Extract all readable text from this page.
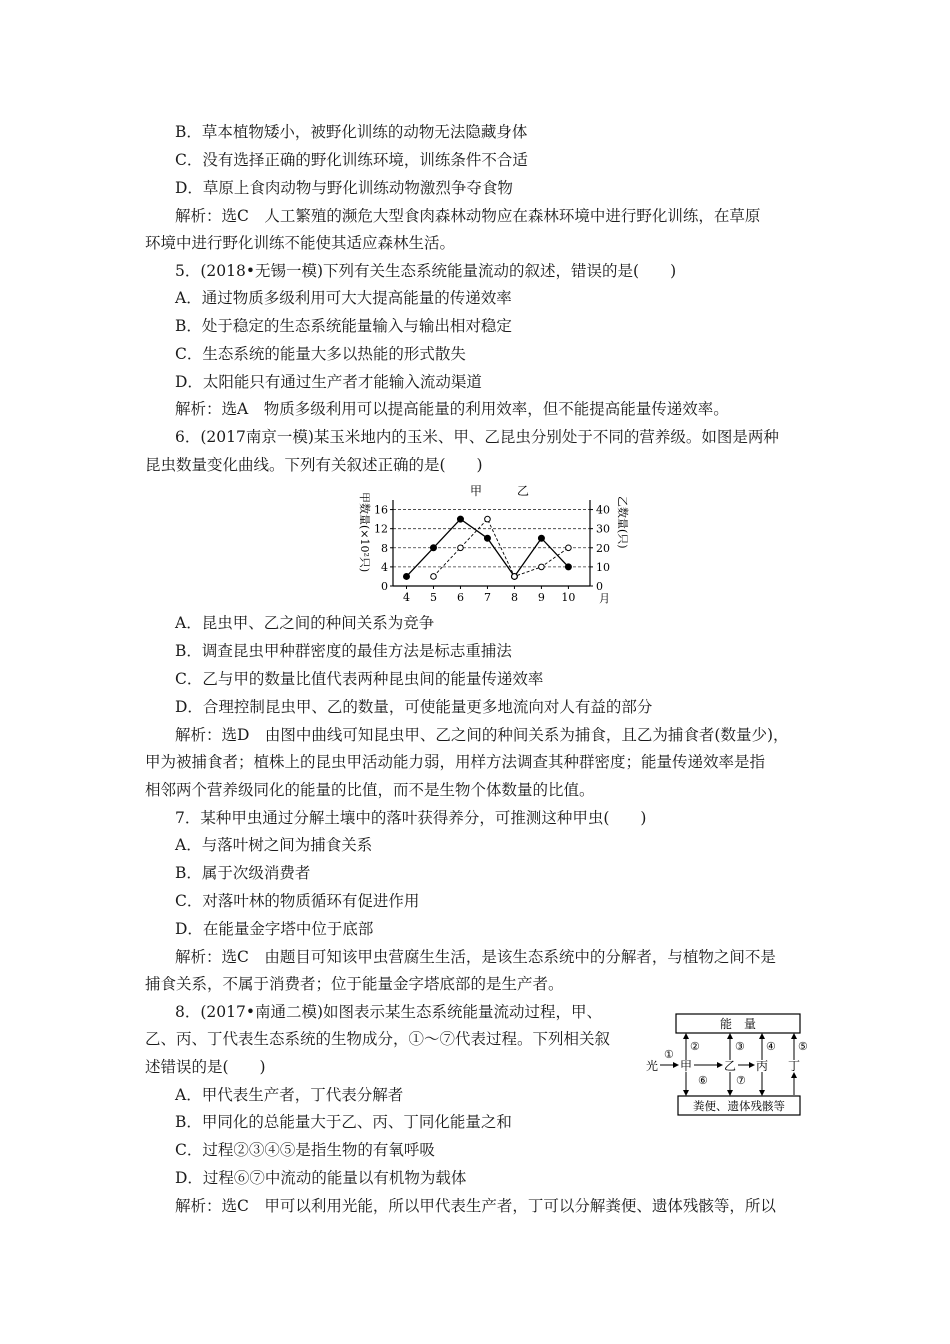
B．草本植物矮小，被野化训练的动物无法隐藏身体
C．没有选择正确的野化训练环境，训练条件不合适
D．草原上食肉动物与野化训练动物激烈争夺食物
解析：选C　人工繁殖的濒危大型食肉森林动物应在森林环境中进行野化训练，在草原
环境中进行野化训练不能使其适应森林生活。
5．(2018•无锡一模)下列有关生态系统能量流动的叙述，错误的是(　　)
A．通过物质多级利用可大大提高能量的传递效率
B．处于稳定的生态系统能量输入与输出相对稳定
C．生态系统的能量大多以热能的形式散失
D．太阳能只有通过生产者才能输入流动渠道
解析：选A　物质多级利用可以提高能量的利用效率，但不能提高能量传递效率。
6．(2017南京一模)某玉米地内的玉米、甲、乙昆虫分别处于不同的营养级。如图是两种
昆虫数量变化曲线。下列有关叙述正确的是(　　)
0
4
8
12
16
0
10
20
30
40
4 5 6 7 8 9 10
甲	乙
月
甲数量(×10²只)	乙数量(只)
A．昆虫甲、乙之间的种间关系为竞争
B．调查昆虫甲种群密度的最佳方法是标志重捕法
C．乙与甲的数量比值代表两种昆虫间的能量传递效率
D．合理控制昆虫甲、乙的数量，可使能量更多地流向对人有益的部分
解析：选D　由图中曲线可知昆虫甲、乙之间的种间关系为捕食，且乙为捕食者(数量少)，
甲为被捕食者；植株上的昆虫甲活动能力弱，用样方法调查其种群密度；能量传递效率是指
相邻两个营养级同化的能量的比值，而不是生物个体数量的比值。
7．某种甲虫通过分解土壤中的落叶获得养分，可推测这种甲虫(　　)
A．与落叶树之间为捕食关系
B．属于次级消费者
C．对落叶林的物质循环有促进作用
D．在能量金字塔中位于底部
解析：选C　由题目可知该甲虫营腐生生活，是该生态系统中的分解者，与植物之间不是
捕食关系，不属于消费者；位于能量金字塔底部的是生产者。
8．(2017•南通二模)如图表示某生态系统能量流动过程，甲、
乙、丙、丁代表生态系统的生物成分，①～⑦代表过程。下列相关叙
述错误的是(　　)
能　量
粪便、遗体残骸等
光 甲	乙 丙 丁
①
②	③ ④ ⑤
⑥	⑦
A．甲代表生产者，丁代表分解者
B．甲同化的总能量大于乙、丙、丁同化能量之和
C．过程②③④⑤是指生物的有氧呼吸
D．过程⑥⑦中流动的能量以有机物为载体
解析：选C　甲可以利用光能，所以甲代表生产者，丁可以分解粪便、遗体残骸等，所以
